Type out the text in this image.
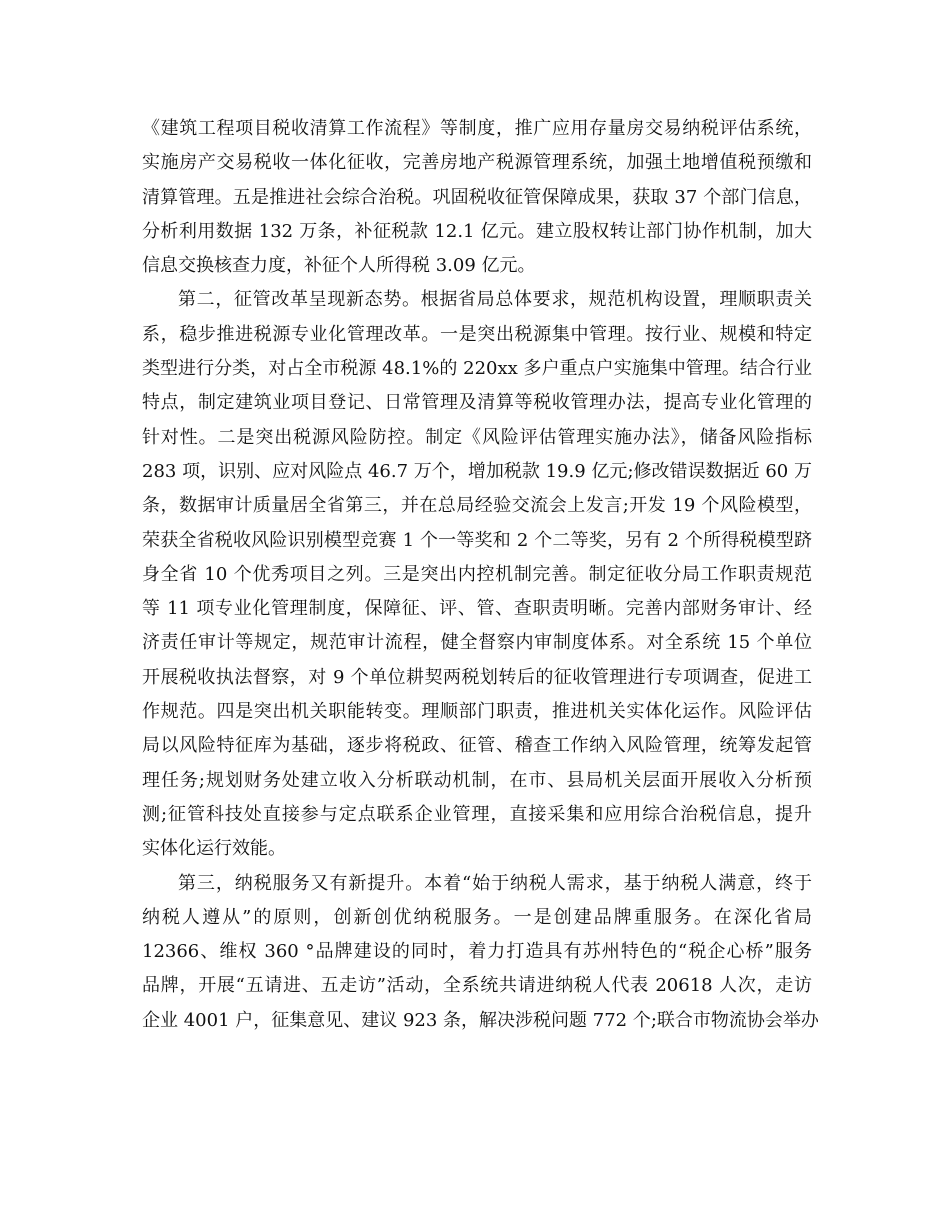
《建筑工程项目税收清算工作流程》等制度，推广应用存量房交易纳税评估系统，
实施房产交易税收一体化征收，完善房地产税源管理系统，加强土地增值税预缴和
清算管理。五是推进社会综合治税。巩固税收征管保障成果，获取 37 个部门信息，
分析利用数据 132 万条，补征税款 12.1 亿元。建立股权转让部门协作机制，加大
信息交换核查力度，补征个人所得税 3.09 亿元。
第二，征管改革呈现新态势。根据省局总体要求，规范机构设置，理顺职责关
系，稳步推进税源专业化管理改革。一是突出税源集中管理。按行业、规模和特定
类型进行分类，对占全市税源 48.1%的 220xx 多户重点户实施集中管理。结合行业
特点，制定建筑业项目登记、日常管理及清算等税收管理办法，提高专业化管理的
针对性。二是突出税源风险防控。制定《风险评估管理实施办法》，储备风险指标
283 项，识别、应对风险点 46.7 万个，增加税款 19.9 亿元;修改错误数据近 60 万
条，数据审计质量居全省第三，并在总局经验交流会上发言;开发 19 个风险模型，
荣获全省税收风险识别模型竞赛 1 个一等奖和 2 个二等奖，另有 2 个所得税模型跻
身全省 10 个优秀项目之列。三是突出内控机制完善。制定征收分局工作职责规范
等 11 项专业化管理制度，保障征、评、管、查职责明晰。完善内部财务审计、经
济责任审计等规定，规范审计流程，健全督察内审制度体系。对全系统 15 个单位
开展税收执法督察，对 9 个单位耕契两税划转后的征收管理进行专项调查，促进工
作规范。四是突出机关职能转变。理顺部门职责，推进机关实体化运作。风险评估
局以风险特征库为基础，逐步将税政、征管、稽查工作纳入风险管理，统筹发起管
理任务;规划财务处建立收入分析联动机制，在市、县局机关层面开展收入分析预
测;征管科技处直接参与定点联系企业管理，直接采集和应用综合治税信息，提升
实体化运行效能。
第三，纳税服务又有新提升。本着“始于纳税人需求，基于纳税人满意，终于
纳税人遵从”的原则，创新创优纳税服务。一是创建品牌重服务。在深化省局
12366、维权 360 °品牌建设的同时，着力打造具有苏州特色的“税企心桥”服务
品牌，开展“五请进、五走访”活动，全系统共请进纳税人代表 20618 人次，走访
企业 4001 户，征集意见、建议 923 条，解决涉税问题 772 个;联合市物流协会举办
